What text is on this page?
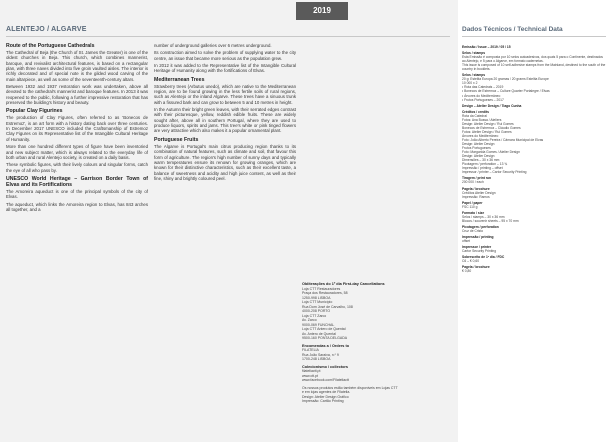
2019
ALENTEJO / ALGARVE
Route of the Portuguese Cathedrals

The Cathedral of Beja (the Church of St. James the Greater) is one of the oldest churches in Beja. This church, which combines mannerist, baroque, and revivalist architectural features, is based on a rectangular plan, with three naves divided into five groin vaulted aisles. The interior is richly decorated and of special note is the gilded wood carving of the main altarpiece, as well as some of the seventeenth-century altars.

Between 1932 and 1937 restoration work was undertaken, above all devoted to the cathedral's mannerist and baroque features. In 2013 it was reopened to the public, following a further impressive restoration that has preserved the building's history and beauty.

Popular Clay Figurines

The production of Clay Figures, often referred to as 'Bonecos de Estremoz', is an art form with a history dating back over three centuries. In December 2017 UNESCO included the Craftsmanship of Estremoz Clay Figures on its Representative list of the Intangible Cultural Heritage of Humanity.

More than one hundred different types of figure have been inventoried and new subject matter, which is always related to the everyday life of both urban and rural Alentejo society, is created on a daily basis.

These symbolic figures, with their lively colours and singular forms, catch the eye of all who pass by.

UNESCO World Heritage – Garrison Border Town of Elvas and its Fortifications

The Amoreira aqueduct is one of the principal symbols of the city of Elvas.

The aqueduct, which links the Amoreira region to Elvas, has 843 arches all together, and a

number of underground galleries over 6 metres underground.

Its construction aimed to solve the problem of supplying water to the city centre, an issue that became more serious as the population grew.

In 2012 it was added to the Representative list of the Intangible Cultural Heritage of Humanity along with the fortifications of Elvas.

Mediterranean Trees

Strawberry trees (Arbutus unedo), which are native to the Mediterranean region, are to be found growing in the less fertile soils of rural regions, such as Alentejo or the inland Algarve. These trees have a sinuous trunk with a fissured bark and can grow to between 5 and 10 metres in height.

In the Autumn their bright green leaves, with their serrated edges contrast with their picturesque, yellow, reddish edible fruits. These are widely sought after, above all in southern Portugal, where they are used to produce liquors, spirits and jams. This tree's white or pink tinged flowers are very attractive which also makes it a popular ornamental plant.

Portuguese Fruits

The Algarve is Portugal's main citrus producing region thanks to its combination of natural features, such as climate and soil, that favour this form of agriculture. The region's high number of sunny days and typically warm temperatures ensure its renown for growing oranges, which are known for their distinctive characteristics, such as their excellent taste, a balance of sweetness and acidity and high juice content, as well as their fine, shiny and brightly coloured peel.

Obliterações do 1º dia First-day Cancellations
Loja CTT Restauradores
Praça dos Restauradores, 58
1250-998 LISBOA
Loja CTT Município
Rua Dom José de Carvalho, 108
4000-208 PORTO
Loja CTT Zarco
Av. Zarco
9000-069 FUNCHAL
Loja CTT Antero de Quental
Av. Antero de Quental
9500-160 PONTA DELGADA
Encomendas a / Orders to
FILATELIA
Rua João Saraiva, n.º 9
1700-248 LISBOA
Colecionismo / collectors
filateliactt.pt
www.ctt.pt
www.facebook.com/Filateliactt
Os nossos produtos estão também disponíveis em Lojas CTT e em lojas agentes de Filatelia.
Design: Atelier Design Gráfico
Impressão: Cartão Printing
Dados Técnicos / Technical Data
Emissão / Issue – 2019 / 05 / 15
Selos / stamps
Esta Emissão é composta por 10 selos autoadesivos, dos quais 5 para o Continente, destinados ao Alentejo, e 5 para o Algarve, em formato cadernetas.
This issue is composed of 10 self-adhesive stamps from the Mainland, destined to the south of the country in booklets.
Selos / stamps
20 g: Estelita Europa 20 gramas / 20 grams Estelita Europe
10 000 x 2
• Rota das Catedrais – 2019
• Bonecos de Estremoz – Culture Quarter Portalegre / Elvas
• Árvores do Mediterrâneo
• Frutos Portugueses – 2017
Design – Atelier Design / Tiago Cunha
Créditos / credits
Rota da Catedral
Fotos: Ana Bussa / Ateliers
Design: Atelier Design / Rui Gomes
Bonecos de Estremoz – Cláudio Gomes
Fotos: Atelier Design / Rui Gomes
Árvores do Mediterrâneo
Foto: João Alberto Pereira / Câmara Municipal de Elvas
Design: Atelier Design
Frutos Portugueses
Foto: Margarida Gomes / Atelier Design
Design: Atelier Design
Dimensões – 30 x 36 mm
Picotagem / perforation – 13 ¾
Impressão / printing – offset
Impressor / printer – Cartor Security Printing
Tiragem / print run
200 000 / each
Pagela / brochure
Créditos Atelier Design
Impressão: Ramos
Papel / paper
FSC 110 g
Formato / size
Selos / stamps – 30 x 36 mm
Blocos / souvenir sheets – 95 x 70 mm
Picotagem / perforation
Cruz de Cristo
Impressão / printing
offset
Impressor / printer
Cartor Security Printing
Sobrescrito de 1º dia / FDC
C6 – € 0,60
Pagela / brochure
€ 0,80
